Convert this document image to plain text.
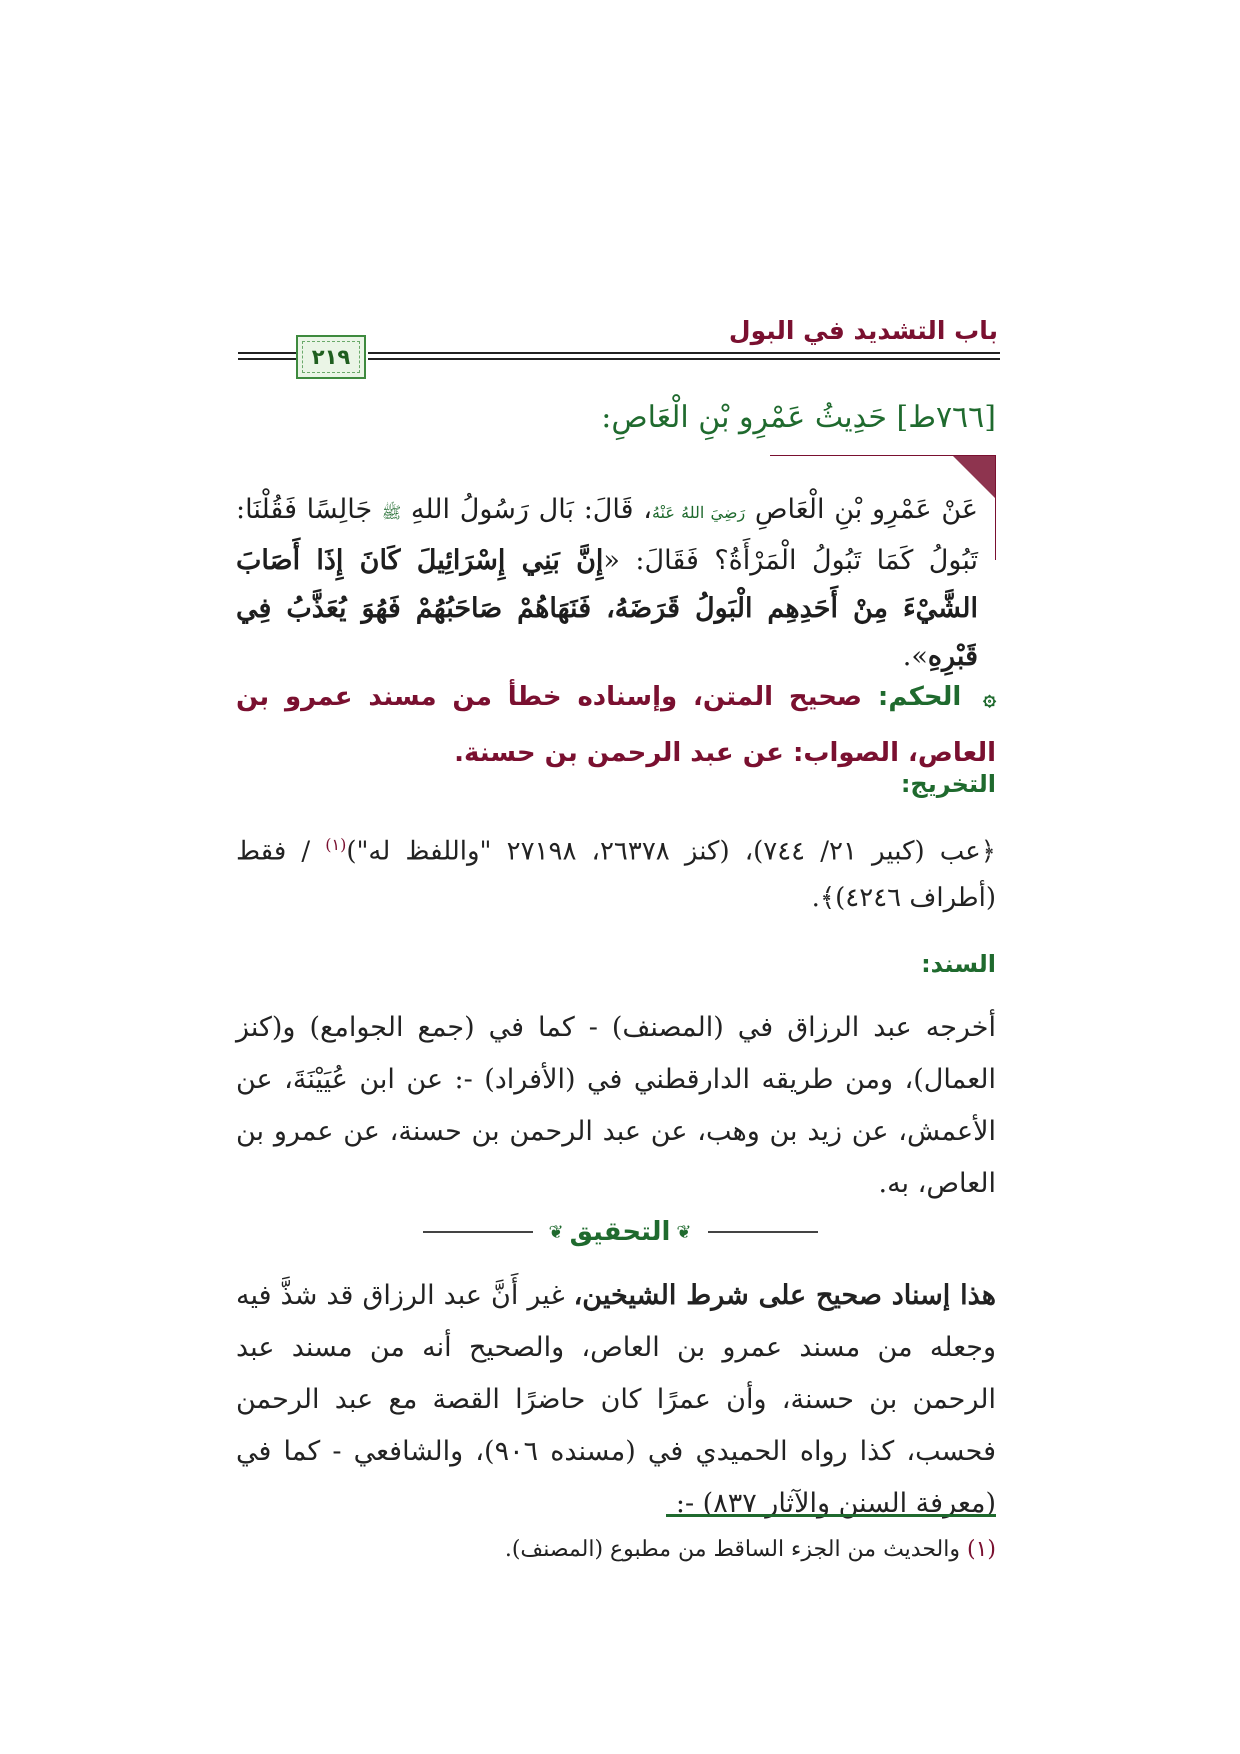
باب التشديد في البول
٢١٩
[٧٦٦ط] حَدِيثُ عَمْرِو بْنِ الْعَاصِ:
عَنْ عَمْرِو بْنِ الْعَاصِ رَضِيَ اللهُ عَنْهُ، قَالَ: بَال رَسُولُ اللهِ ﷺ جَالِسًا فَقُلْنَا: تَبُولُ كَمَا تَبُولُ الْمَرْأَةُ؟ فَقَالَ: «إِنَّ بَنِي إِسْرَائِيلَ كَانَ إِذَا أَصَابَ الشَّيْءَ مِنْ أَحَدِهِم الْبَولُ قَرَضَهُ، فَنَهَاهُمْ صَاحَبُهُمْ فَهُوَ يُعَذَّبُ فِي قَبْرِهِ».
۞ الحكم: صحيح المتن، وإسناده خطأ من مسند عمرو بن العاص، الصواب: عن عبد الرحمن بن حسنة.
التخريج:
﴿عب (كبير ٢١/ ٧٤٤)، (كنز ٢٦٣٧٨، ٢٧١٩٨ "واللفظ له")$^{(١)}$ / فقط (أطراف ٤٢٤٦)﴾.
السند:
أخرجه عبد الرزاق في (المصنف) - كما في (جمع الجوامع) و(كنز العمال)، ومن طريقه الدارقطني في (الأفراد) -: عن ابن عُيَيْنَةَ، عن الأعمش، عن زيد بن وهب، عن عبد الرحمن بن حسنة، عن عمرو بن العاص، به.
❦
التحقيق
❦
هذا إسناد صحيح على شرط الشيخين، غير أَنَّ عبد الرزاق قد شذَّ فيه وجعله من مسند عمرو بن العاص، والصحيح أنه من مسند عبد الرحمن بن حسنة، وأن عمرًا كان حاضرًا القصة مع عبد الرحمن فحسب، كذا رواه الحميدي في (مسنده ٩٠٦)، والشافعي - كما في (معرفة السنن والآثار ٨٣٧) -:
(١) والحديث من الجزء الساقط من مطبوع (المصنف).
